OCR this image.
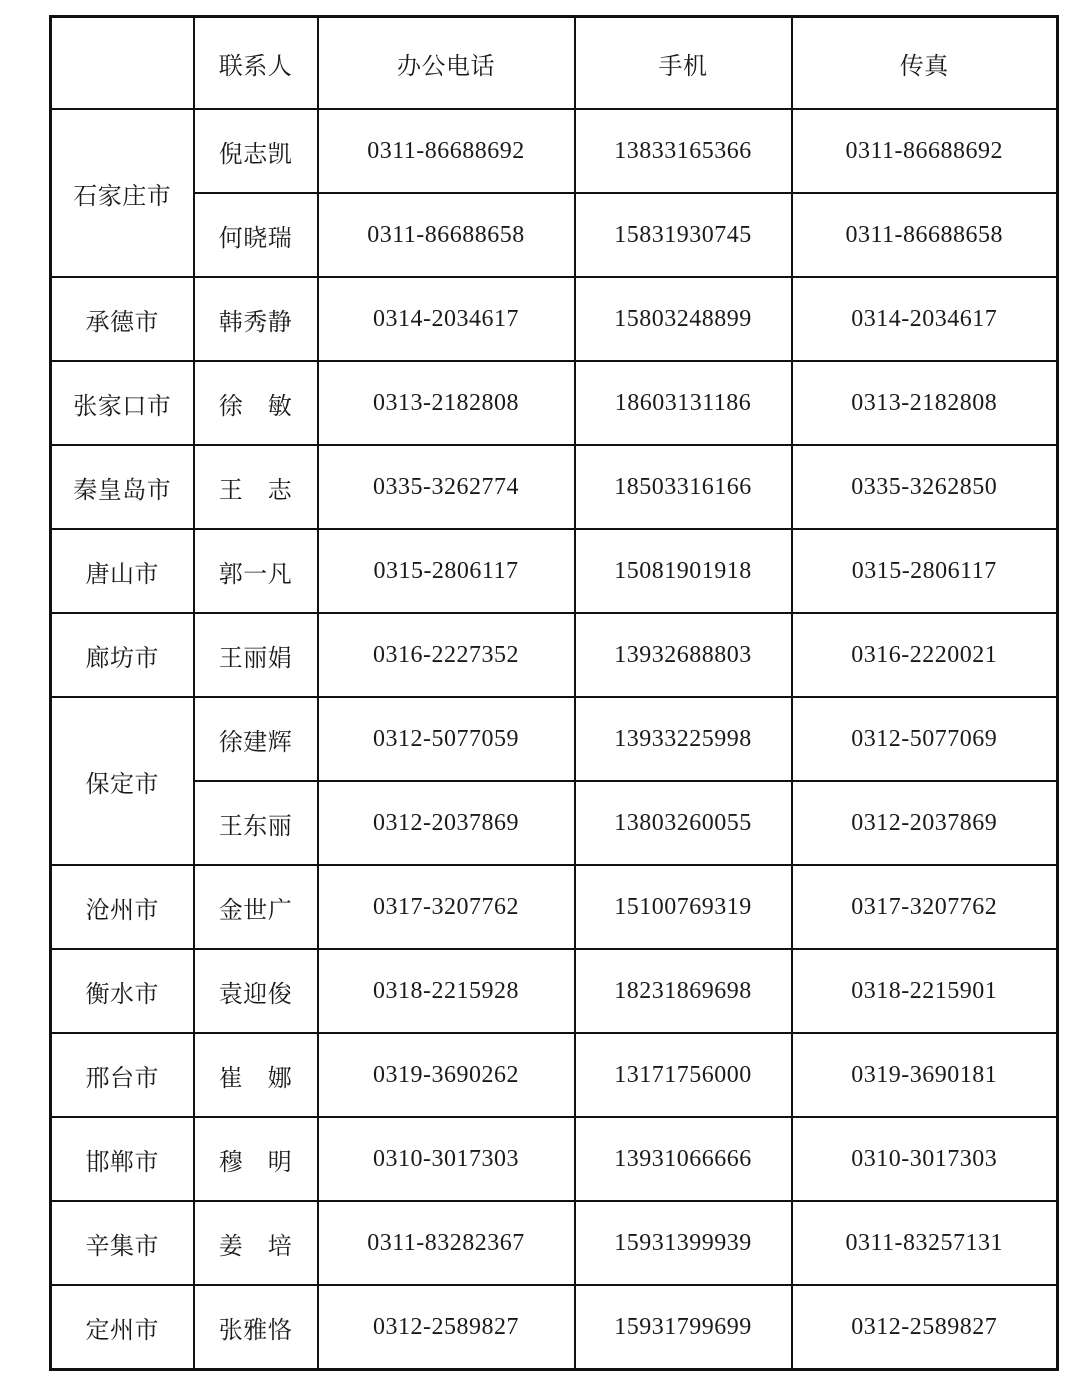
	联系人	办公电话	手机	传真
石家庄市	倪志凯	0311-86688692	13833165366	0311-86688692
	何晓瑞	0311-86688658	15831930745	0311-86688658
承德市	韩秀静	0314-2034617	15803248899	0314-2034617
张家口市	徐　敏	0313-2182808	18603131186	0313-2182808
秦皇岛市	王　志	0335-3262774	18503316166	0335-3262850
唐山市	郭一凡	0315-2806117	15081901918	0315-2806117
廊坊市	王丽娟	0316-2227352	13932688803	0316-2220021
保定市	徐建辉	0312-5077059	13933225998	0312-5077069
	王东丽	0312-2037869	13803260055	0312-2037869
沧州市	金世广	0317-3207762	15100769319	0317-3207762
衡水市	袁迎俊	0318-2215928	18231869698	0318-2215901
邢台市	崔　娜	0319-3690262	13171756000	0319-3690181
邯郸市	穆　明	0310-3017303	13931066666	0310-3017303
辛集市	姜　培	0311-83282367	15931399939	0311-83257131
定州市	张雅恪	0312-2589827	15931799699	0312-2589827
